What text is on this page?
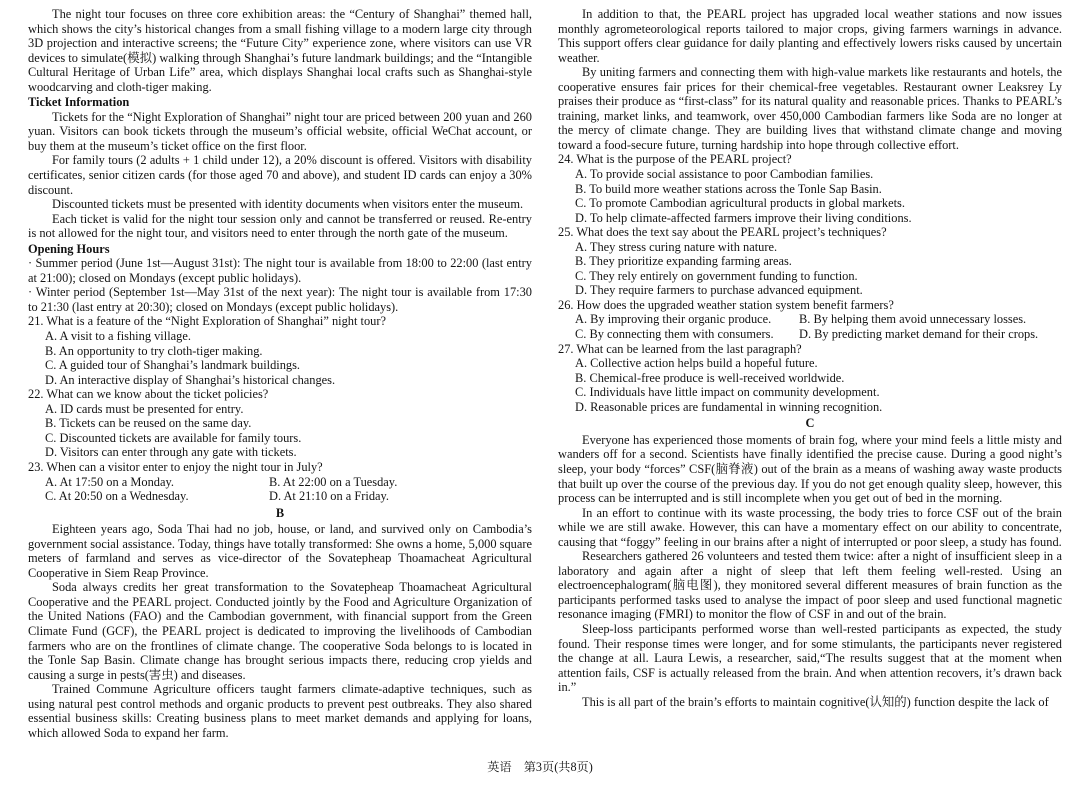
The night tour focuses on three core exhibition areas: the “Century of Shanghai” themed hall, which shows the city’s historical changes from a small fishing village to a modern large city through 3D projection and interactive screens; the “Future City” experience zone, where visitors can use VR devices to simulate(模拟) walking through Shanghai’s future landmark buildings; and the “Intangible Cultural Heritage of Urban Life” area, which displays Shanghai local crafts such as Shanghai-style woodcarving and cloth-tiger making.
Ticket Information
Tickets for the “Night Exploration of Shanghai” night tour are priced between 200 yuan and 260 yuan. Visitors can book tickets through the museum’s official website, official WeChat account, or buy them at the museum’s ticket office on the first floor.
For family tours (2 adults + 1 child under 12), a 20% discount is offered. Visitors with disability certificates, senior citizen cards (for those aged 70 and above), and student ID cards can enjoy a 30% discount.
Discounted tickets must be presented with identity documents when visitors enter the museum.
Each ticket is valid for the night tour session only and cannot be transferred or reused. Re-entry is not allowed for the night tour, and visitors need to enter through the north gate of the museum.
Opening Hours
· Summer period (June 1st—August 31st): The night tour is available from 18:00 to 22:00 (last entry at 21:00); closed on Mondays (except public holidays).
· Winter period (September 1st—May 31st of the next year): The night tour is available from 17:30 to 21:30 (last entry at 20:30); closed on Mondays (except public holidays).
21. What is a feature of the “Night Exploration of Shanghai” night tour?
A. A visit to a fishing village.
B. An opportunity to try cloth-tiger making.
C. A guided tour of Shanghai’s landmark buildings.
D. An interactive display of Shanghai’s historical changes.
22. What can we know about the ticket policies?
A. ID cards must be presented for entry.
B. Tickets can be reused on the same day.
C. Discounted tickets are available for family tours.
D. Visitors can enter through any gate with tickets.
23. When can a visitor enter to enjoy the night tour in July?
A. At 17:50 on a Monday.	B. At 22:00 on a Tuesday.
C. At 20:50 on a Wednesday.	D. At 21:10 on a Friday.
B
Eighteen years ago, Soda Thai had no job, house, or land, and survived only on Cambodia’s government social assistance. Today, things have totally transformed: She owns a home, 5,000 square meters of farmland and serves as vice-director of the Sovatepheap Thoamacheat Agricultural Cooperative in Siem Reap Province.
Soda always credits her great transformation to the Sovatepheap Thoamacheat Agricultural Cooperative and the PEARL project. Conducted jointly by the Food and Agriculture Organization of the United Nations (FAO) and the Cambodian government, with financial support from the Green Climate Fund (GCF), the PEARL project is dedicated to improving the livelihoods of Cambodian farmers who are on the frontlines of climate change. The cooperative Soda belongs to is located in the Tonle Sap Basin. Climate change has brought serious impacts there, reducing crop yields and causing a surge in pests(害虫) and diseases.
Trained Commune Agriculture officers taught farmers climate-adaptive techniques, such as using natural pest control methods and organic products to prevent pest outbreaks. They also shared essential business skills: Creating business plans to meet market demands and applying for loans, which allowed Soda to expand her farm.
In addition to that, the PEARL project has upgraded local weather stations and now issues monthly agrometeorological reports tailored to major crops, giving farmers warnings in advance. This support offers clear guidance for daily planting and effectively lowers risks caused by uncertain weather.
By uniting farmers and connecting them with high-value markets like restaurants and hotels, the cooperative ensures fair prices for their chemical-free vegetables. Restaurant owner Leaksrey Ly praises their produce as “first-class” for its natural quality and reasonable prices. Thanks to PEARL’s training, market links, and teamwork, over 450,000 Cambodian farmers like Soda are no longer at the mercy of climate change. They are building lives that withstand climate change and moving toward a food-secure future, turning hardship into hope through collective effort.
24. What is the purpose of the PEARL project?
A. To provide social assistance to poor Cambodian families.
B. To build more weather stations across the Tonle Sap Basin.
C. To promote Cambodian agricultural products in global markets.
D. To help climate-affected farmers improve their living conditions.
25. What does the text say about the PEARL project’s techniques?
A. They stress curing nature with nature.
B. They prioritize expanding farming areas.
C. They rely entirely on government funding to function.
D. They require farmers to purchase advanced equipment.
26. How does the upgraded weather station system benefit farmers?
A. By improving their organic produce.	B. By helping them avoid unnecessary losses.
C. By connecting them with consumers.	D. By predicting market demand for their crops.
27. What can be learned from the last paragraph?
A. Collective action helps build a hopeful future.
B. Chemical-free produce is well-received worldwide.
C. Individuals have little impact on community development.
D. Reasonable prices are fundamental in winning recognition.
C
Everyone has experienced those moments of brain fog, where your mind feels a little misty and wanders off for a second. Scientists have finally identified the precise cause. During a good night’s sleep, your body “forces” CSF(脑脊液) out of the brain as a means of washing away waste products that built up over the course of the previous day. If you do not get enough quality sleep, however, this process can be interrupted and is still incomplete when you get out of bed in the morning.
In an effort to continue with its waste processing, the body tries to force CSF out of the brain while we are still awake. However, this can have a momentary effect on our ability to concentrate, causing that “foggy” feeling in our brains after a night of interrupted or poor sleep, a study has found.
Researchers gathered 26 volunteers and tested them twice: after a night of insufficient sleep in a laboratory and again after a night of sleep that left them feeling well-rested. Using an electroencephalogram(脑电图), they monitored several different measures of brain function as the participants performed tasks used to analyse the impact of poor sleep and used functional magnetic resonance imaging (FMRI) to monitor the flow of CSF in and out of the brain.
Sleep-loss participants performed worse than well-rested participants as expected, the study found. Their response times were longer, and for some stimulants, the participants never registered the change at all. Laura Lewis, a researcher, said,“The results suggest that at the moment when attention fails, CSF is actually released from the brain. And when attention recovers, it’s drawn back in.”
This is all part of the brain’s efforts to maintain cognitive(认知的) function despite the lack of
英语　第3页(共8页)
